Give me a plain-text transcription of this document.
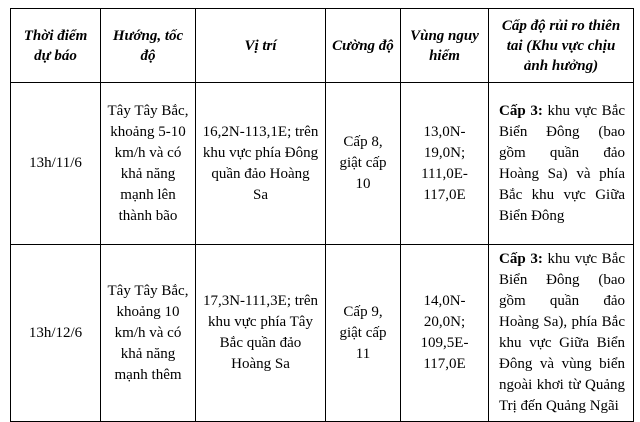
Thời điểm dự báo	Hướng, tốc độ	Vị trí	Cường độ	Vùng nguy hiểm	Cấp độ rủi ro thiên tai (Khu vực chịu ảnh hưởng)
13h/11/6	Tây Tây Bắc, khoảng 5-10 km/h và có khả năng mạnh lên thành bão	16,2N-113,1E; trên khu vực phía Đông quần đảo Hoàng Sa	Cấp 8, giật cấp 10	13,0N-19,0N; 111,0E-117,0E	Cấp 3: khu vực Bắc Biển Đông (bao gồm quần đảo Hoàng Sa) và phía Bắc khu vực Giữa Biển Đông
13h/12/6	Tây Tây Bắc, khoảng 10 km/h và có khả năng mạnh thêm	17,3N-111,3E; trên khu vực phía Tây Bắc quần đảo Hoàng Sa	Cấp 9, giật cấp 11	14,0N-20,0N; 109,5E-117,0E	Cấp 3: khu vực Bắc Biển Đông (bao gồm quần đảo Hoàng Sa), phía Bắc khu vực Giữa Biển Đông và vùng biển ngoài khơi từ Quảng Trị đến Quảng Ngãi
